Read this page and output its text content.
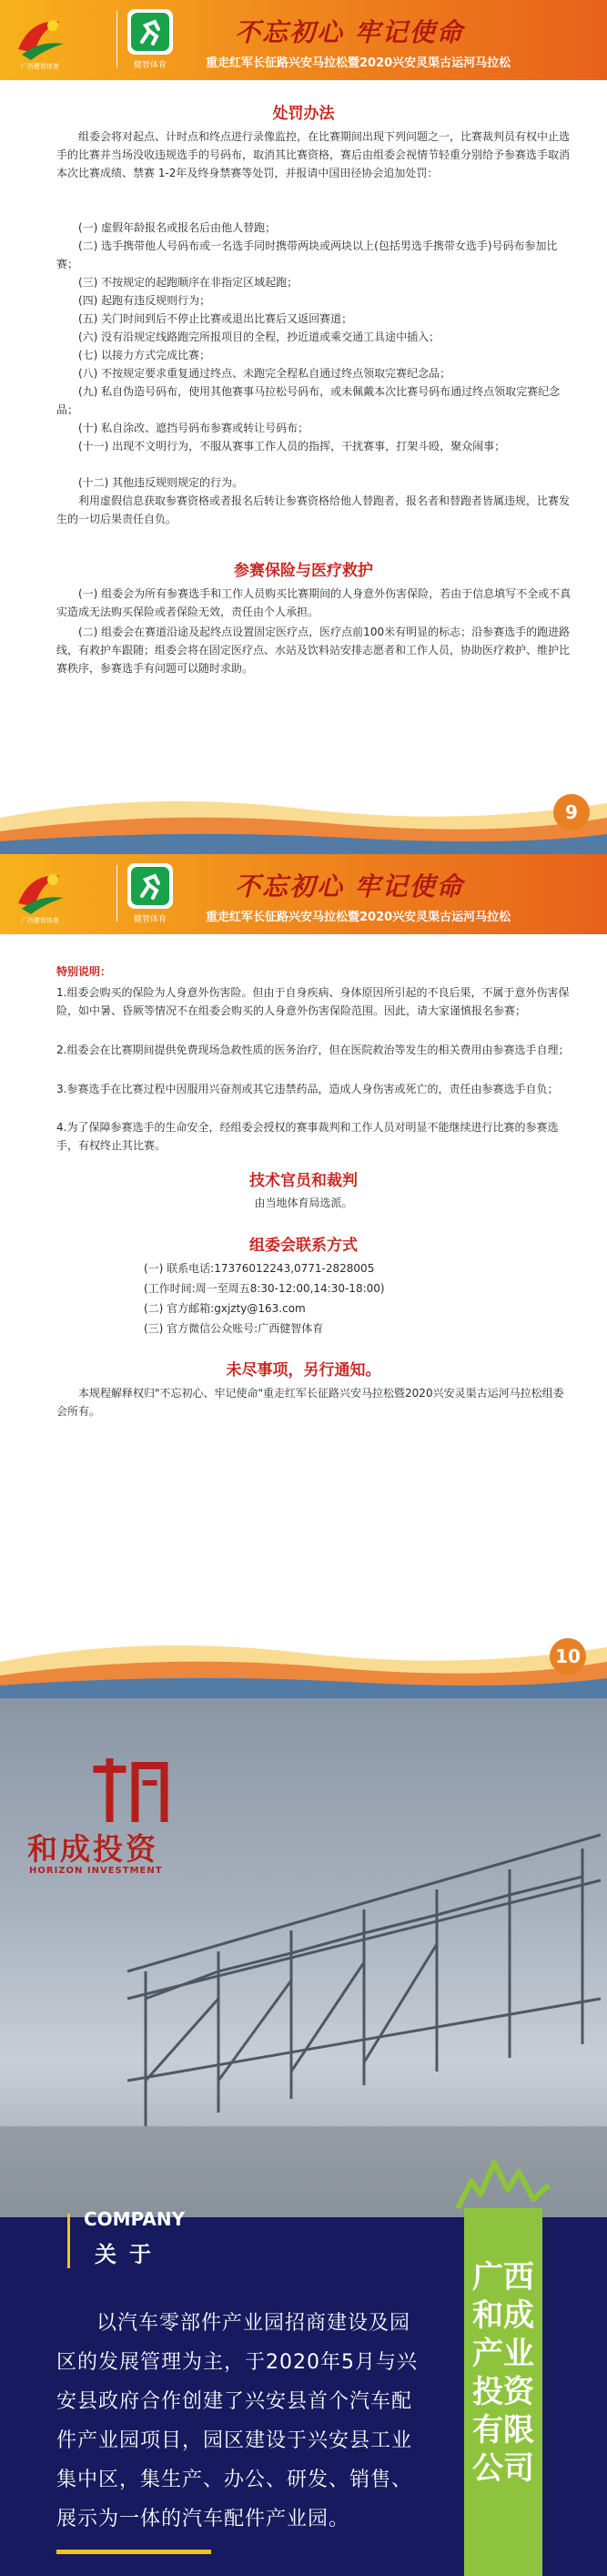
广西健智体育	健智体育
不忘初心 牢记使命
重走红军长征路兴安马拉松暨2020兴安灵渠古运河马拉松
处罚办法

组委会将对起点、计时点和终点进行录像监控，在比赛期间出现下列问题之一，比赛裁判员有权中止选手的比赛并当场没收违规选手的号码布，取消其比赛资格，赛后由组委会视情节轻重分别给予参赛选手取消本次比赛成绩、禁赛 1-2年及终身禁赛等处罚，并报请中国田径协会追加处罚：

(一) 虚假年龄报名或报名后由他人替跑；

(二) 选手携带他人号码布或一名选手同时携带两块或两块以上(包括男选手携带女选手)号码布参加比赛；

(三) 不按规定的起跑顺序在非指定区域起跑；

(四) 起跑有违反规则行为；

(五) 关门时间到后不停止比赛或退出比赛后又返回赛道；

(六) 没有沿规定线路跑完所报项目的全程，抄近道或乘交通工具途中插入；

(七) 以接力方式完成比赛；

(八) 不按规定要求重复通过终点、未跑完全程私自通过终点领取完赛纪念品；

(九) 私自伪造号码布，使用其他赛事马拉松号码布，或未佩戴本次比赛号码布通过终点领取完赛纪念品；

(十) 私自涂改、遮挡号码布参赛或转让号码布；

(十一) 出现不文明行为，不服从赛事工作人员的指挥，干扰赛事，打架斗殴，聚众闹事；

(十二) 其他违反规则规定的行为。

利用虚假信息获取参赛资格或者报名后转让参赛资格给他人替跑者，报名者和替跑者皆属违规，比赛发生的一切后果责任自负。

参赛保险与医疗救护

(一) 组委会为所有参赛选手和工作人员购买比赛期间的人身意外伤害保险，若由于信息填写不全或不真实造成无法购买保险或者保险无效，责任由个人承担。

(二) 组委会在赛道沿途及起终点设置固定医疗点，医疗点前100米有明显的标志；沿参赛选手的跑进路线，有救护车跟随；组委会将在固定医疗点、水站及饮料站安排志愿者和工作人员，协助医疗救护、维护比赛秩序，参赛选手有问题可以随时求助。

9
广西健智体育	健智体育
不忘初心 牢记使命
重走红军长征路兴安马拉松暨2020兴安灵渠古运河马拉松
特别说明：

1.组委会购买的保险为人身意外伤害险。但由于自身疾病、身体原因所引起的不良后果，不属于意外伤害保险，如中暑、昏厥等情况不在组委会购买的人身意外伤害保险范围。因此，请大家谨慎报名参赛；

2.组委会在比赛期间提供免费现场急救性质的医务治疗，但在医院救治等发生的相关费用由参赛选手自理；

3.参赛选手在比赛过程中因服用兴奋剂或其它违禁药品，造成人身伤害或死亡的，责任由参赛选手自负；

4.为了保障参赛选手的生命安全，经组委会授权的赛事裁判和工作人员对明显不能继续进行比赛的参赛选手，有权终止其比赛。

技术官员和裁判
由当地体育局选派。
组委会联系方式
(一) 联系电话:17376012243,0771-2828005
(工作时间:周一至周五8:30-12:00,14:30-18:00)
(二) 官方邮箱:gxjzty@163.com
(三) 官方微信公众账号:广西健智体育
未尽事项，另行通知。

本规程解释权归"不忘初心、牢记使命"重走红军长征路兴安马拉松暨2020兴安灵渠古运河马拉松组委会所有。

10
和成投资
HORIZON INVESTMENT
COMPANY
关于

以汽车零部件产业园招商建设及园区的发展管理为主，于2020年5月与兴安县政府合作创建了兴安县首个汽车配件产业园项目，园区建设于兴安县工业集中区，集生产、办公、研发、销售、展示为一体的汽车配件产业园。

广西和成产业投资有限公司
